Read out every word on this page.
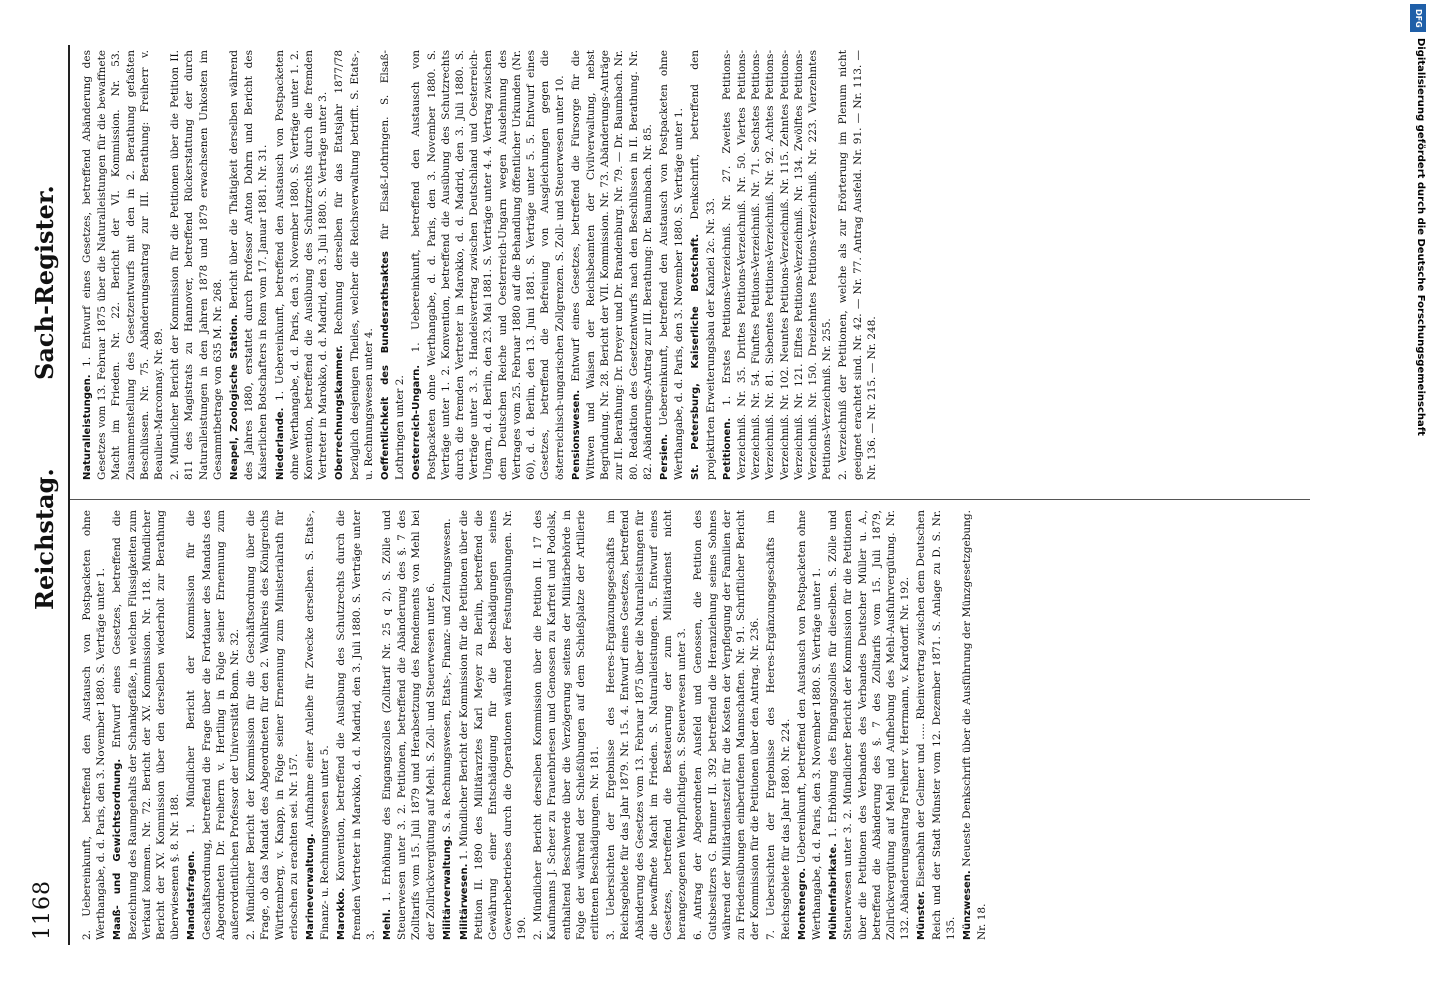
1168
Reichstag.
Sach-Register.

2. Uebereinkunft, betreffend den Austausch von Postpacketen ohne Werthangabe, d. d. Paris, den 3. November 1880. S. Verträge unter 1. Maaß- und Gewichtsordnung. Entwurf eines Gesetzes, betreffend die Bezeichnung des Raumgehalts der Schankgefäße, in welchen Flüssigkeiten zum Verkauf kommen. Nr. 72. Bericht der XV. Kommission. Nr. 118. Mündlicher Bericht der XV. Kommission über den derselben wiederholt zur Berathung überwiesenen §. 8. Nr. 188. Mandatsfragen. 1. Mündlicher Bericht der Kommission für die Geschäftsordnung, betreffend die Frage über die Fortdauer des Mandats des Abgeordneten Dr. Freiherrn v. Hertling in Folge seiner Ernennung zum außerordentlichen Professor der Universität Bonn. Nr. 32. 2. Mündlicher Bericht der Kommission für die Geschäftsordnung über die Frage, ob das Mandat des Abgeordneten für den 2. Wahlkreis des Königreichs Württemberg, v. Knapp, in Folge seiner Ernennung zum Ministerialrath für erloschen zu erachten sei. Nr. 157. Marineverwaltung. Aufnahme einer Anleihe für Zwecke derselben. S. Etats-, Finanz- u. Rechnungswesen unter 5. Marokko. Konvention, betreffend die Ausübung des Schutzrechts durch die fremden Vertreter in Marokko, d. d. Madrid, den 3. Juli 1880. S. Verträge unter 3. Mehl. 1. Erhöhung des Eingangszolles (Zolltarif Nr. 25 q 2). S. Zölle und Steuerwesen unter 3. 2. Petitionen, betreffend die Abänderung des §. 7 des Zolltarifs vom 15. Juli 1879 und Herabsetzung des Rendements von Mehl bei der Zollrückvergütung auf Mehl. S. Zoll- und Steuerwesen unter 6. Militärverwaltung. S. a. Rechnungswesen, Etats-, Finanz- und Zeitungswesen.

Militärwesen. 1. Mündlicher Bericht der Kommission für die Petitionen über die Petition II. 1890 des Militärarztes Karl Meyer zu Berlin, betreffend die Gewährung einer Entschädigung für die Beschädigungen seines Gewerbebetriebes durch die Operationen während der Festungsübungen. Nr. 190. 2. Mündlicher Bericht derselben Kommission über die Petition II. 17 des Kaufmanns J. Scheer zu Frauenbriesen und Genossen zu Karfreit und Podolsk, enthaltend Beschwerde über die Verzögerung seitens der Militärbehörde in Folge der während der Schießübungen auf dem Schießplatze der Artillerie erlittenen Beschädigungen. Nr. 181. 3. Uebersichten der Ergebnisse des Heeres-Ergänzungsgeschäfts im Reichsgebiete für das Jahr 1879. Nr. 15. 4. Entwurf eines Gesetzes, betreffend Abänderung des Gesetzes vom 13. Februar 1875 über die Naturalleistungen für die bewaffnete Macht im Frieden. S. Naturalleistungen. 5. Entwurf eines Gesetzes, betreffend die Besteuerung der zum Militärdienst nicht herangezogenen Wehrpflichtigen. S. Steuerwesen unter 3. 6. Antrag der Abgeordneten Ausfeld und Genossen, die Petition des Gutsbesitzers G. Brunner II. 392 betreffend die Heranziehung seines Sohnes während der Militärdienstzeit für die Kosten der Verpflegung der Familien der zu Friedensübungen einberufenen Mannschaften. Nr. 91. Schriftlicher Bericht der Kommission für die Petitionen über den Antrag. Nr. 236. 7. Uebersichten der Ergebnisse des Heeres-Ergänzungsgeschäfts im Reichsgebiete für das Jahr 1880. Nr. 224. Montenegro. Uebereinkunft, betreffend den Austausch von Postpacketen ohne Werthangabe, d. d. Paris, den 3. November 1880. S. Verträge unter 1. Mühlenfabrikate. 1. Erhöhung des Eingangszolles für dieselben. S. Zölle und Steuerwesen unter 3. 2. Mündlicher Bericht der Kommission für die Petitionen über die Petitionen des Verbandes des Verbandes Deutscher Müller u. A., betreffend die Abänderung des §. 7 des Zolltarifs vom 15. Juli 1879, Zollrückvergütung auf Mehl und Aufhebung des Mehl-Ausfuhrvergütung. Nr. 132. Abänderungsantrag Freiherr v. Herrmann, v. Kardorff. Nr. 192. Münster. Eisenbahn der Gelmer und ..... Rheinvertrag zwischen dem Deutschen Reich und der Stadt Münster vom 12. Dezember 1871. S. Anlage zu D. S. Nr. 135. Münzwesen. Neueste Denkschrift über die Ausführung der Münzgesetzgebung. Nr. 18.

Naturalleistungen. 1. Entwurf eines Gesetzes, betreffend Abänderung des Gesetzes vom 13. Februar 1875 über die Naturalleistungen für die bewaffnete Macht im Frieden. Nr. 22. Bericht der VI. Kommission. Nr. 53. Zusammenstellung des Gesetzentwurfs mit den in 2. Berathung gefaßten Beschlüssen. Nr. 75. Abänderungsantrag zur III. Berathung: Freiherr v. Beaulieu-Marconnay. Nr. 89. 2. Mündlicher Bericht der Kommission für die Petitionen über die Petition II. 811 des Magistrats zu Hannover, betreffend Rückerstattung der durch Naturalleistungen in den Jahren 1878 und 1879 erwachsenen Unkosten im Gesammtbetrage von 635 M. Nr. 268. Neapel, Zoologische Station. Bericht über die Thätigkeit derselben während des Jahres 1880, erstattet durch Professor Anton Dohrn und Bericht des Kaiserlichen Botschafters in Rom vom 17. Januar 1881. Nr. 31. Niederlande. 1. Uebereinkunft, betreffend den Austausch von Postpacketen ohne Werthangabe, d. d. Paris, den 3. November 1880. S. Verträge unter 1. 2. Konvention, betreffend die Ausübung des Schutzrechts durch die fremden Vertreter in Marokko, d. d. Madrid, den 3. Juli 1880. S. Verträge unter 3. Oberrechnungskammer. Rechnung derselben für das Etatsjahr 1877/78 bezüglich desjenigen Theiles, welcher die Reichsverwaltung betrifft. S. Etats-, u. Rechnungswesen unter 4. Oeffentlichkeit des Bundesrathsaktes für Elsaß-Lothringen. S. Elsaß-Lothringen unter 2. Oesterreich-Ungarn. 1. Uebereinkunft, betreffend den Austausch von Postpacketen ohne Werthangabe, d. d. Paris, den 3. November 1880. S. Verträge unter 1. 2. Konvention, betreffend die Ausübung des Schutzrechts durch die fremden Vertreter in Marokko, d. d. Madrid, den 3. Juli 1880. S. Verträge unter 3. 3. Handelsvertrag zwischen Deutschland und Oesterreich-Ungarn, d. d. Berlin, den 23. Mai 1881. S. Verträge unter 4. 4. Vertrag zwischen dem Deutschen Reiche und Oesterreich-Ungarn wegen Ausdehnung des Vertrages vom 25. Februar 1880 auf die Behandlung öffentlicher Urkunden (Nr. 60), d. d. Berlin, den 13. Juni 1881. S. Verträge unter 5. 5. Entwurf eines Gesetzes, betreffend die Befreiung von Ausgleichungen gegen die österreichisch-ungarischen Zollgrenzen. S. Zoll- und Steuerwesen unter 10. Pensionswesen. Entwurf eines Gesetzes, betreffend die Fürsorge für die Wittwen und Waisen der Reichsbeamten der Civilverwaltung, nebst Begründung. Nr. 28. Bericht der VII. Kommission. Nr. 73. Abänderungs-Anträge zur II. Berathung: Dr. Dreyer und Dr. Brandenburg. Nr. 79. — Dr. Baumbach. Nr. 80. Redaktion des Gesetzentwurfs nach den Beschlüssen in II. Berathung. Nr. 82. Abänderungs-Antrag zur III. Berathung: Dr. Baumbach. Nr. 85. Persien. Uebereinkunft, betreffend den Austausch von Postpacketen ohne Werthangabe, d. d. Paris, den 3. November 1880. S. Verträge unter 1. St. Petersburg, Kaiserliche Botschaft. Denkschrift, betreffend den projektirten Erweiterungsbau der Kanzlei 2c. Nr. 33. Petitionen. 1. Erstes Petitions-Verzeichniß. Nr. 27. Zweites Petitions-Verzeichniß. Nr. 35. Drittes Petitions-Verzeichniß. Nr. 50. Viertes Petitions-Verzeichniß. Nr. 54. Fünftes Petitions-Verzeichniß. Nr. 71. Sechstes Petitions-Verzeichniß. Nr. 81. Siebentes Petitions-Verzeichniß. Nr. 92. Achtes Petitions-Verzeichniß. Nr. 102. Neuntes Petitions-Verzeichniß. Nr. 115. Zehntes Petitions-Verzeichniß. Nr. 121. Elftes Petitions-Verzeichniß. Nr. 134. Zwölftes Petitions-Verzeichniß. Nr. 150. Dreizehntes Petitions-Verzeichniß. Nr. 223. Vierzehntes Petitions-Verzeichniß. Nr. 255. 2. Verzeichniß der Petitionen, welche als zur Erörterung im Plenum nicht geeignet erachtet sind. Nr. 42. — Nr. 77. Antrag Ausfeld. Nr. 91. — Nr. 113. — Nr. 136. — Nr. 215. — Nr. 248.

DFG
Digitalisierung gefördert durch die Deutsche Forschungsgemeinschaft
